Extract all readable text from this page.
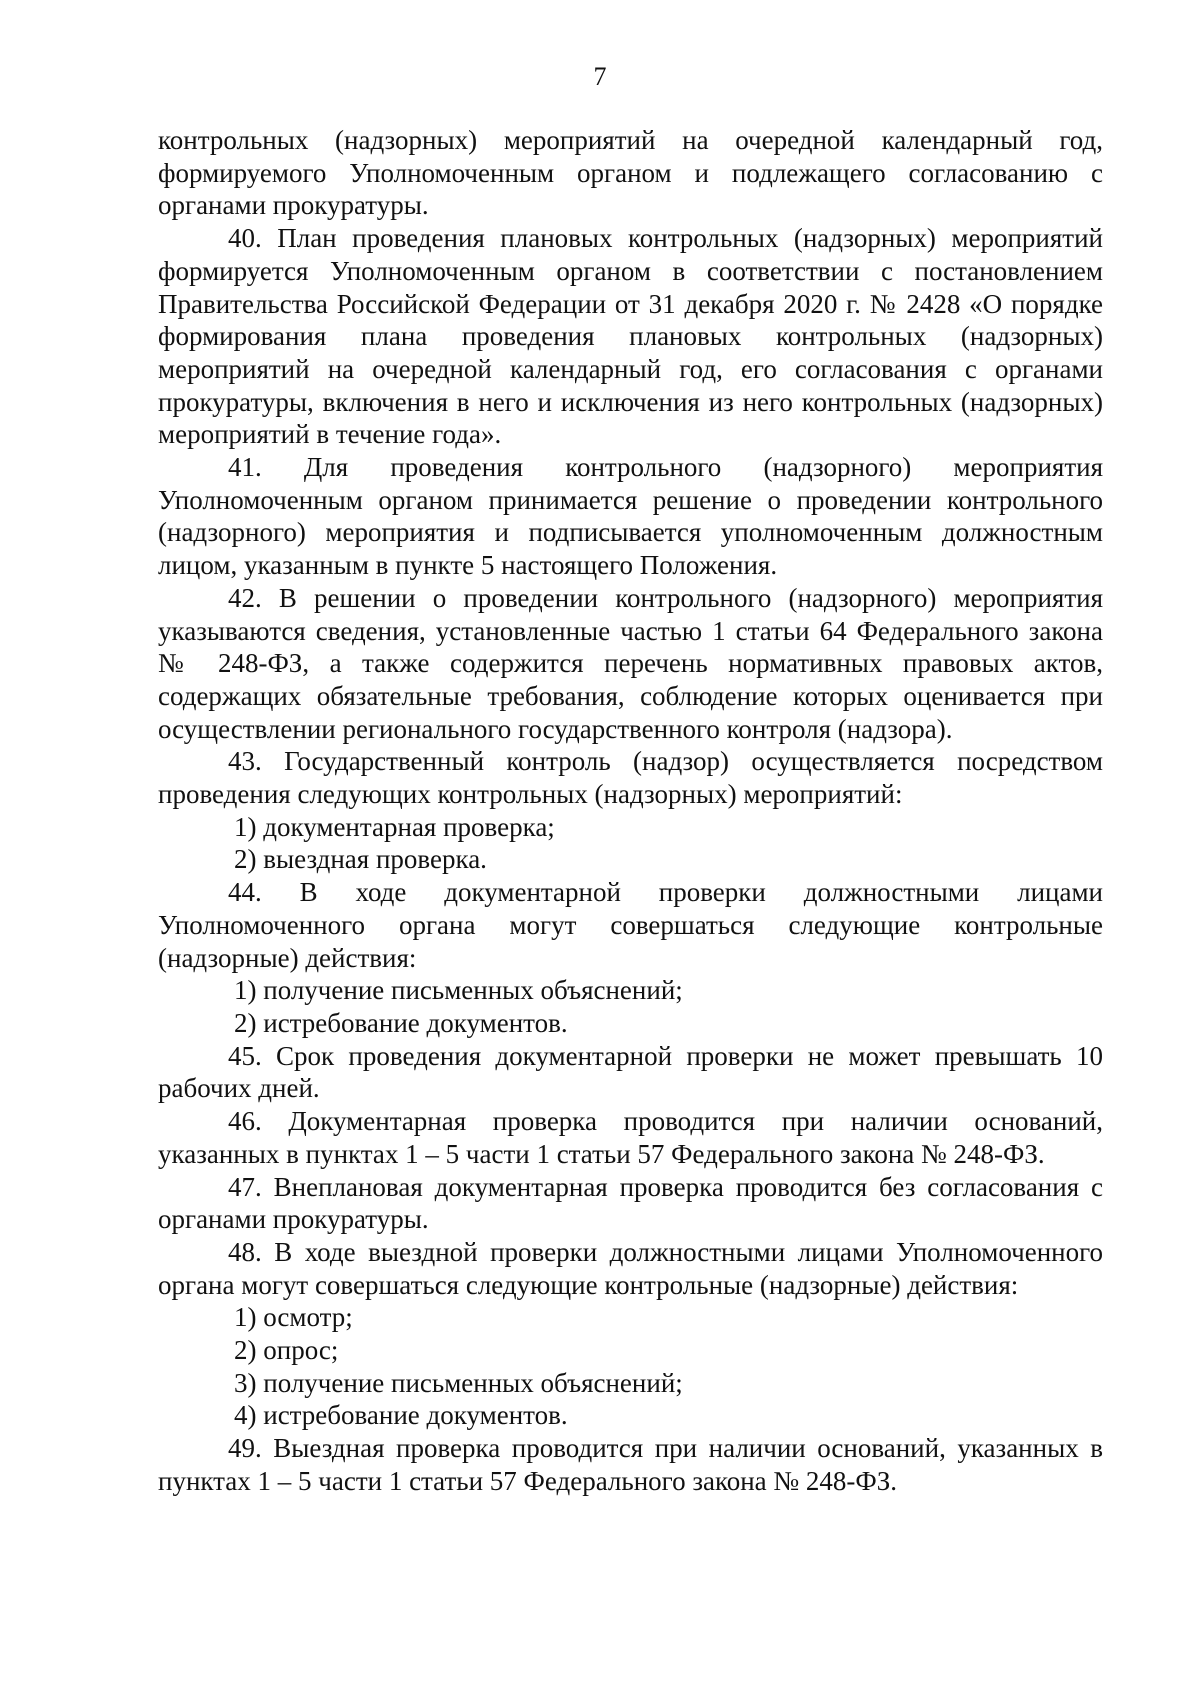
7

контрольных (надзорных) мероприятий на очередной календарный год, формируемого Уполномоченным органом и подлежащего согласованию с органами прокуратуры.

40. План проведения плановых контрольных (надзорных) мероприятий формируется Уполномоченным органом в соответствии с постановлением Правительства Российской Федерации от 31 декабря 2020 г. № 2428 «О порядке формирования плана проведения плановых контрольных (надзорных) мероприятий на очередной календарный год, его согласования с органами прокуратуры, включения в него и исключения из него контрольных (надзорных) мероприятий в течение года».

41. Для проведения контрольного (надзорного) мероприятия Уполномоченным органом принимается решение о проведении контрольного (надзорного) мероприятия и подписывается уполномоченным должностным лицом, указанным в пункте 5 настоящего Положения.

42. В решении о проведении контрольного (надзорного) мероприятия указываются сведения, установленные частью 1 статьи 64 Федерального закона № 248-ФЗ, а также содержится перечень нормативных правовых актов, содержащих обязательные требования, соблюдение которых оценивается при осуществлении регионального государственного контроля (надзора).

43. Государственный контроль (надзор) осуществляется посредством проведения следующих контрольных (надзорных) мероприятий:

1) документарная проверка;

2) выездная проверка.

44. В ходе документарной проверки должностными лицами Уполномоченного органа могут совершаться следующие контрольные (надзорные) действия:

1) получение письменных объяснений;

2) истребование документов.

45. Срок проведения документарной проверки не может превышать 10 рабочих дней.

46. Документарная проверка проводится при наличии оснований, указанных в пунктах 1 – 5 части 1 статьи 57 Федерального закона № 248-ФЗ.

47. Внеплановая документарная проверка проводится без согласования с органами прокуратуры.

48. В ходе выездной проверки должностными лицами Уполномоченного органа могут совершаться следующие контрольные (надзорные) действия:

1) осмотр;

2) опрос;

3) получение письменных объяснений;

4) истребование документов.

49. Выездная проверка проводится при наличии оснований, указанных в пунктах 1 – 5 части 1 статьи 57 Федерального закона № 248-ФЗ.
